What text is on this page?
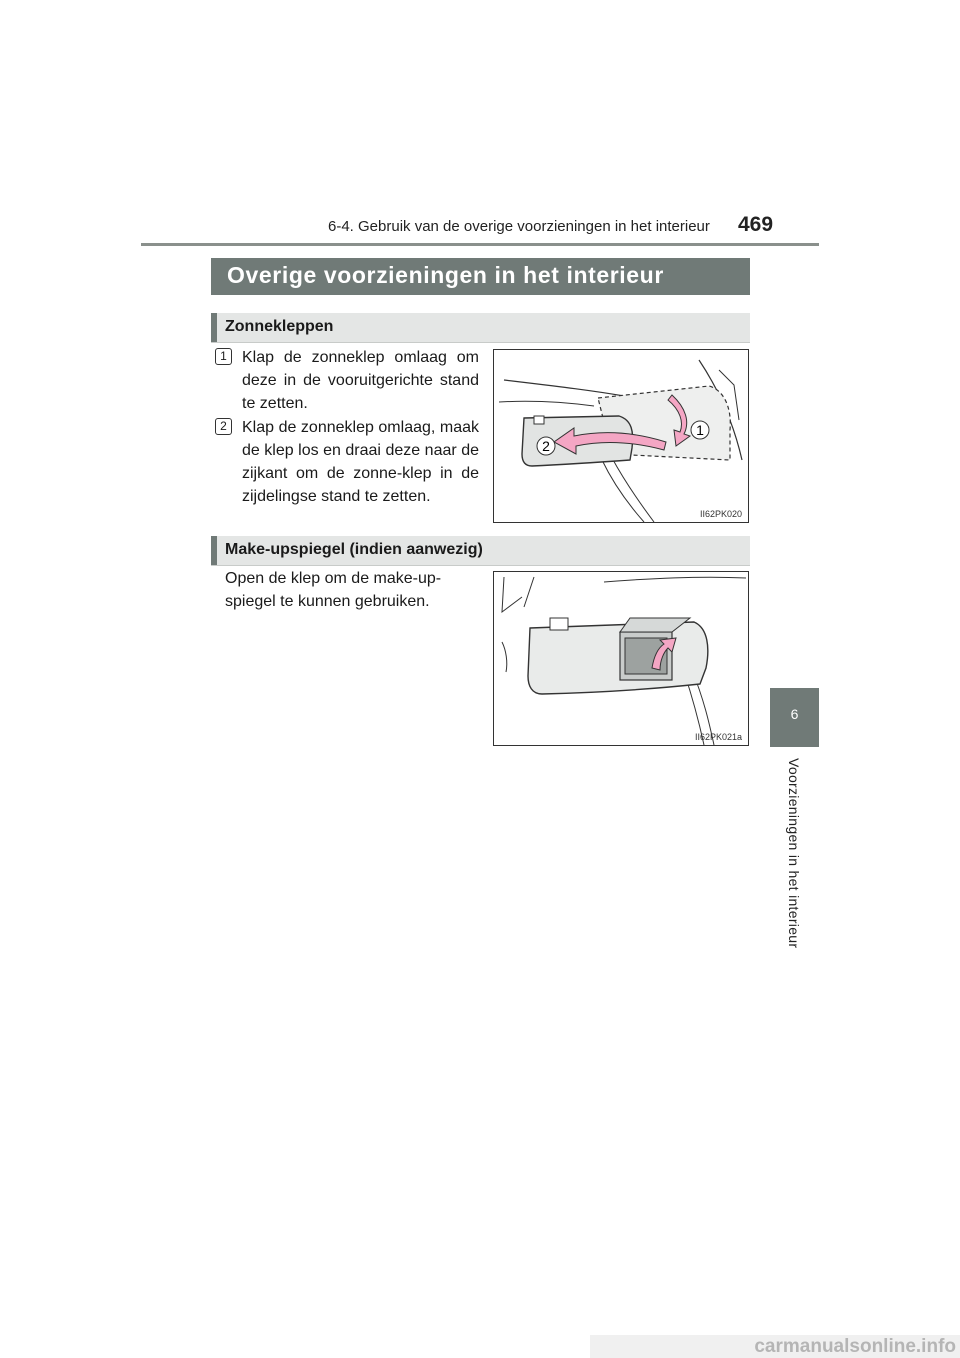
6-4. Gebruik van de overige voorzieningen in het interieur 469
6
Voorzieningen in het interieur
Overige voorzieningen in het interieur
Zonnekleppen
1 Klap de zonneklep omlaag om deze in de vooruitgerichte stand te zetten.
2 Klap de zonneklep omlaag, maak de klep los en draai deze naar de zijkant om de zonne-klep in de zijdelingse stand te zetten.
1
2
II62PK020
Make-upspiegel (indien aanwezig)
Open de klep om de make-up-spiegel te kunnen gebruiken.
II62PK021a
carmanualsonline.info
